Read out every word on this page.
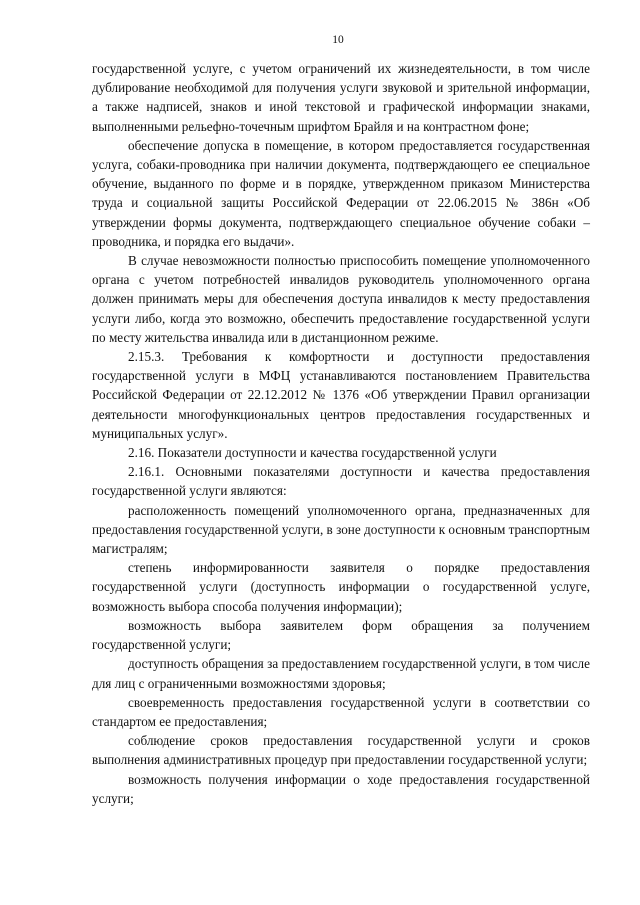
10

государственной услуге, с учетом ограничений их жизнедеятельности, в том числе дублирование необходимой для получения услуги звуковой и зрительной информации, а также надписей, знаков и иной текстовой и графической информации знаками, выполненными рельефно-точечным шрифтом Брайля и на контрастном фоне;

обеспечение допуска в помещение, в котором предоставляется государственная услуга, собаки-проводника при наличии документа, подтверждающего ее специальное обучение, выданного по форме и в порядке, утвержденном приказом Министерства труда и социальной защиты Российской Федерации от 22.06.2015 № 386н «Об утверждении формы документа, подтверждающего специальное обучение собаки – проводника, и порядка его выдачи».

В случае невозможности полностью приспособить помещение уполномоченного органа с учетом потребностей инвалидов руководитель уполномоченного органа должен принимать меры для обеспечения доступа инвалидов к месту предоставления услуги либо, когда это возможно, обеспечить предоставление государственной услуги по месту жительства инвалида или в дистанционном режиме.

2.15.3. Требования к комфортности и доступности предоставления государственной услуги в МФЦ устанавливаются постановлением Правительства Российской Федерации от 22.12.2012 № 1376 «Об утверждении Правил организации деятельности многофункциональных центров предоставления государственных и муниципальных услуг».

2.16. Показатели доступности и качества государственной услуги

2.16.1. Основными показателями доступности и качества предоставления государственной услуги являются:

расположенность помещений уполномоченного органа, предназначенных для предоставления государственной услуги, в зоне доступности к основным транспортным магистралям;

степень информированности заявителя о порядке предоставления государственной услуги (доступность информации о государственной услуге, возможность выбора способа получения информации);

возможность выбора заявителем форм обращения за получением государственной услуги;

доступность обращения за предоставлением государственной услуги, в том числе для лиц с ограниченными возможностями здоровья;

своевременность предоставления государственной услуги в соответствии со стандартом ее предоставления;

соблюдение сроков предоставления государственной услуги и сроков выполнения административных процедур при предоставлении государственной услуги;

возможность получения информации о ходе предоставления государственной услуги;
